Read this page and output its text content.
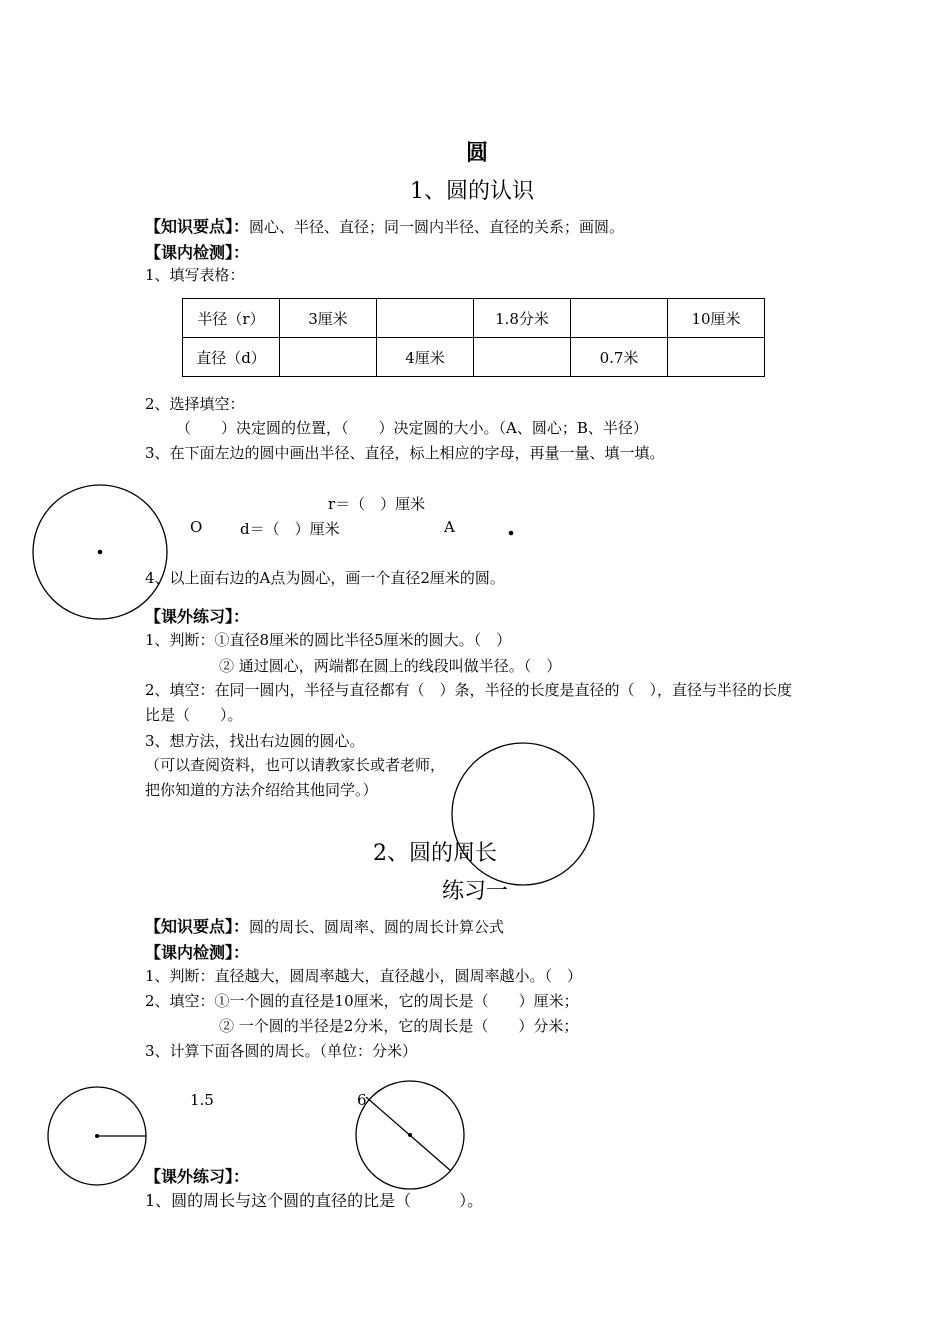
圆
1、圆的认识
【知识要点】：圆心、半径、直径；同一圆内半径、直径的关系；画圆。
【课内检测】：
1、填写表格：
半径（r）	3厘米		1.8分米		10厘米
直径（d）		4厘米		0.7米	
2、选择填空：
（　　）决定圆的位置，（　　）决定圆的大小。（A、圆心；B、半径）
3、在下面左边的圆中画出半径、直径，标上相应的字母，再量一量、填一填。
r＝（　）厘米
O	d＝（　）厘米	A
4、以上面右边的A点为圆心，画一个直径2厘米的圆。
【课外练习】：
1、判断：①直径8厘米的圆比半径5厘米的圆大。（　）
② 通过圆心，两端都在圆上的线段叫做半径。（　）
2、填空：在同一圆内，半径与直径都有（　）条，半径的长度是直径的（　），直径与半径的长度
比是（　　）。
3、想方法，找出右边圆的圆心。
（可以查阅资料，也可以请教家长或者老师，
把你知道的方法介绍给其他同学。）
2、圆的周长
练习一
【知识要点】：圆的周长、圆周率、圆的周长计算公式
【课内检测】：
1、判断：直径越大，圆周率越大，直径越小，圆周率越小。（　）
2、填空：①一个圆的直径是10厘米，它的周长是（　　）厘米；
② 一个圆的半径是2分米，它的周长是（　　）分米；
3、计算下面各圆的周长。（单位：分米）
1.5	6
【课外练习】：
1、圆的周长与这个圆的直径的比是（　　　）。
